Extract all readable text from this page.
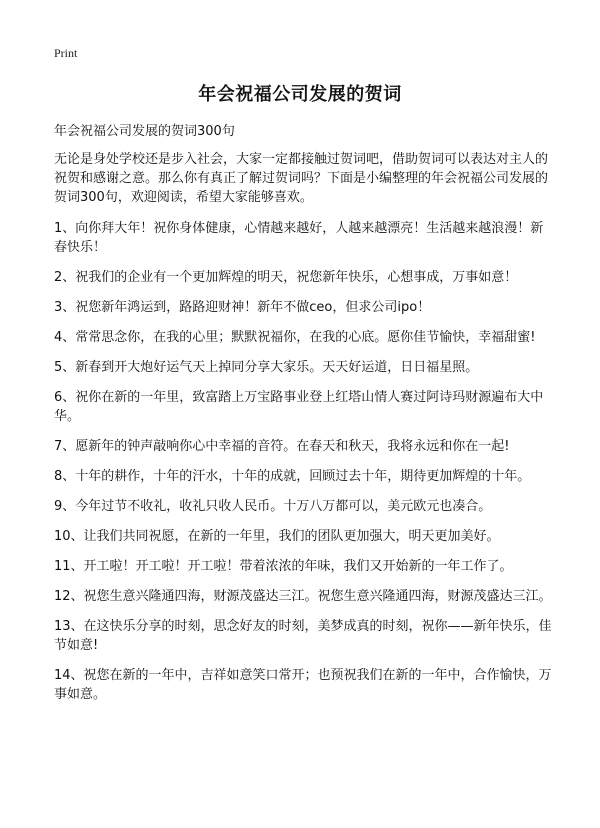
Print
年会祝福公司发展的贺词
年会祝福公司发展的贺词300句

无论是身处学校还是步入社会，大家一定都接触过贺词吧，借助贺词可以表达对主人的祝贺和感谢之意。那么你有真正了解过贺词吗？下面是小编整理的年会祝福公司发展的贺词300句，欢迎阅读，希望大家能够喜欢。

1、向你拜大年！祝你身体健康，心情越来越好，人越来越漂亮！生活越来越浪漫！新春快乐！

2、祝我们的企业有一个更加辉煌的明天，祝您新年快乐，心想事成，万事如意！

3、祝您新年鸿运到，路路迎财神！新年不做ceo，但求公司ipo！

4、常常思念你，在我的心里；默默祝福你，在我的心底。愿你佳节愉快，幸福甜蜜!

5、新春到开大炮好运气天上掉同分享大家乐。天天好运道，日日福星照。

6、祝你在新的一年里，致富踏上万宝路事业登上红塔山情人赛过阿诗玛财源遍布大中华。

7、愿新年的钟声敲响你心中幸福的音符。在春天和秋天，我将永远和你在一起!

8、十年的耕作，十年的汗水，十年的成就，回顾过去十年，期待更加辉煌的十年。

9、今年过节不收礼，收礼只收人民币。十万八万都可以，美元欧元也凑合。

10、让我们共同祝愿，在新的一年里，我们的团队更加强大，明天更加美好。

11、开工啦！开工啦！开工啦！带着浓浓的年味，我们又开始新的一年工作了。

12、祝您生意兴隆通四海，财源茂盛达三江。祝您生意兴隆通四海，财源茂盛达三江。

13、在这快乐分享的时刻，思念好友的时刻，美梦成真的时刻，祝你——新年快乐，佳节如意!

14、祝您在新的一年中，吉祥如意笑口常开；也预祝我们在新的一年中，合作愉快，万事如意。
